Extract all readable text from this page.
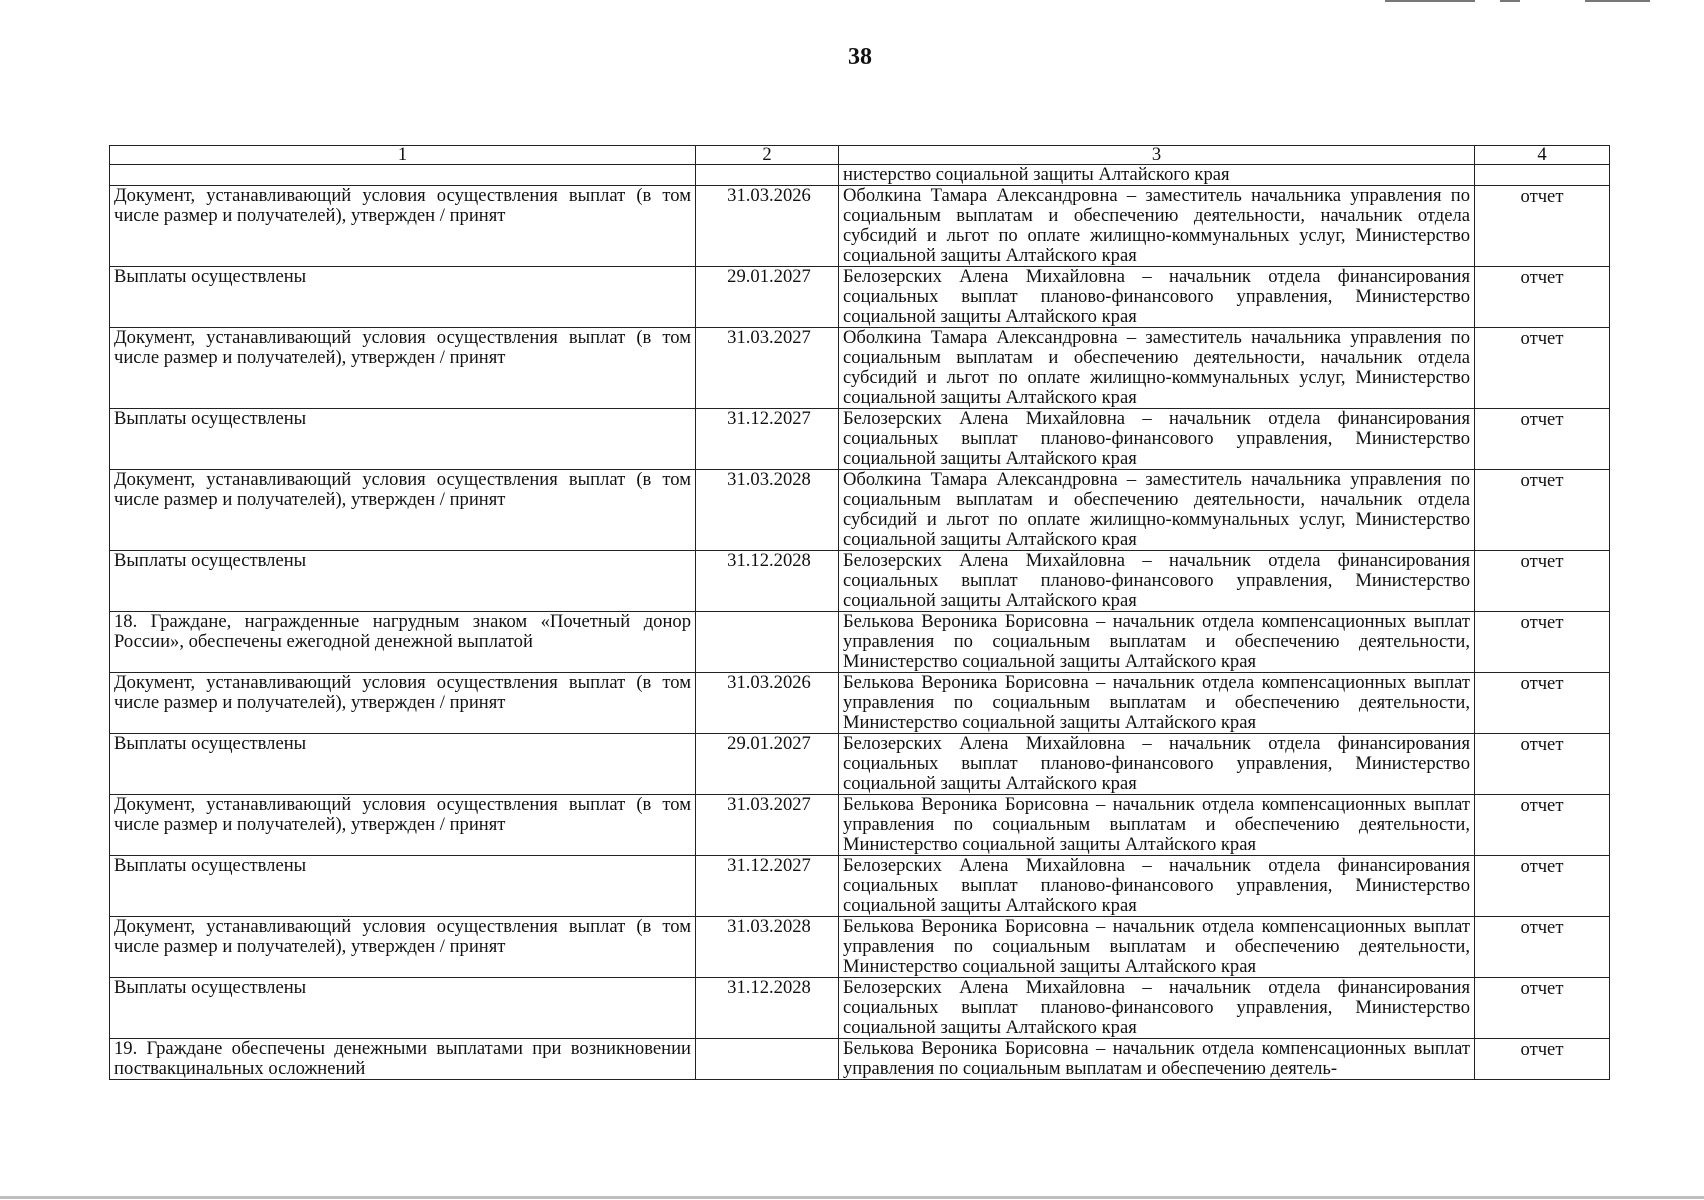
38
1	2	3	4
		нистерство социальной защиты Алтайского края	
Документ, устанавливающий условия осуществления выплат (в том числе размер и получателей), утвержден / принят	31.03.2026	Оболкина Тамара Александровна – заместитель начальника управления по социальным выплатам и обеспечению деятельности, начальник отдела субсидий и льгот по оплате жилищно-коммунальных услуг, Министерство социальной защиты Алтайского края	отчет
Выплаты осуществлены	29.01.2027	Белозерских Алена Михайловна – начальник отдела финансирования социальных выплат планово-финансового управления, Министерство социальной защиты Алтайского края	отчет
Документ, устанавливающий условия осуществления выплат (в том числе размер и получателей), утвержден / принят	31.03.2027	Оболкина Тамара Александровна – заместитель начальника управления по социальным выплатам и обеспечению деятельности, начальник отдела субсидий и льгот по оплате жилищно-коммунальных услуг, Министерство социальной защиты Алтайского края	отчет
Выплаты осуществлены	31.12.2027	Белозерских Алена Михайловна – начальник отдела финансирования социальных выплат планово-финансового управления, Министерство социальной защиты Алтайского края	отчет
Документ, устанавливающий условия осуществления выплат (в том числе размер и получателей), утвержден / принят	31.03.2028	Оболкина Тамара Александровна – заместитель начальника управления по социальным выплатам и обеспечению деятельности, начальник отдела субсидий и льгот по оплате жилищно-коммунальных услуг, Министерство социальной защиты Алтайского края	отчет
Выплаты осуществлены	31.12.2028	Белозерских Алена Михайловна – начальник отдела финансирования социальных выплат планово-финансового управления, Министерство социальной защиты Алтайского края	отчет
18. Граждане, награжденные нагрудным знаком «Почетный донор России», обеспечены ежегодной денежной выплатой		Белькова Вероника Борисовна – начальник отдела компенсационных выплат управления по социальным выплатам и обеспечению деятельности, Министерство социальной защиты Алтайского края	отчет
Документ, устанавливающий условия осуществления выплат (в том числе размер и получателей), утвержден / принят	31.03.2026	Белькова Вероника Борисовна – начальник отдела компенсационных выплат управления по социальным выплатам и обеспечению деятельности, Министерство социальной защиты Алтайского края	отчет
Выплаты осуществлены	29.01.2027	Белозерских Алена Михайловна – начальник отдела финансирования социальных выплат планово-финансового управления, Министерство социальной защиты Алтайского края	отчет
Документ, устанавливающий условия осуществления выплат (в том числе размер и получателей), утвержден / принят	31.03.2027	Белькова Вероника Борисовна – начальник отдела компенсационных выплат управления по социальным выплатам и обеспечению деятельности, Министерство социальной защиты Алтайского края	отчет
Выплаты осуществлены	31.12.2027	Белозерских Алена Михайловна – начальник отдела финансирования социальных выплат планово-финансового управления, Министерство социальной защиты Алтайского края	отчет
Документ, устанавливающий условия осуществления выплат (в том числе размер и получателей), утвержден / принят	31.03.2028	Белькова Вероника Борисовна – начальник отдела компенсационных выплат управления по социальным выплатам и обеспечению деятельности, Министерство социальной защиты Алтайского края	отчет
Выплаты осуществлены	31.12.2028	Белозерских Алена Михайловна – начальник отдела финансирования социальных выплат планово-финансового управления, Министерство социальной защиты Алтайского края	отчет
19. Граждане обеспечены денежными выплатами при возникновении поствакцинальных осложнений		Белькова Вероника Борисовна – начальник отдела компенсационных выплат управления по социальным выплатам и обеспечению деятель-	отчет
